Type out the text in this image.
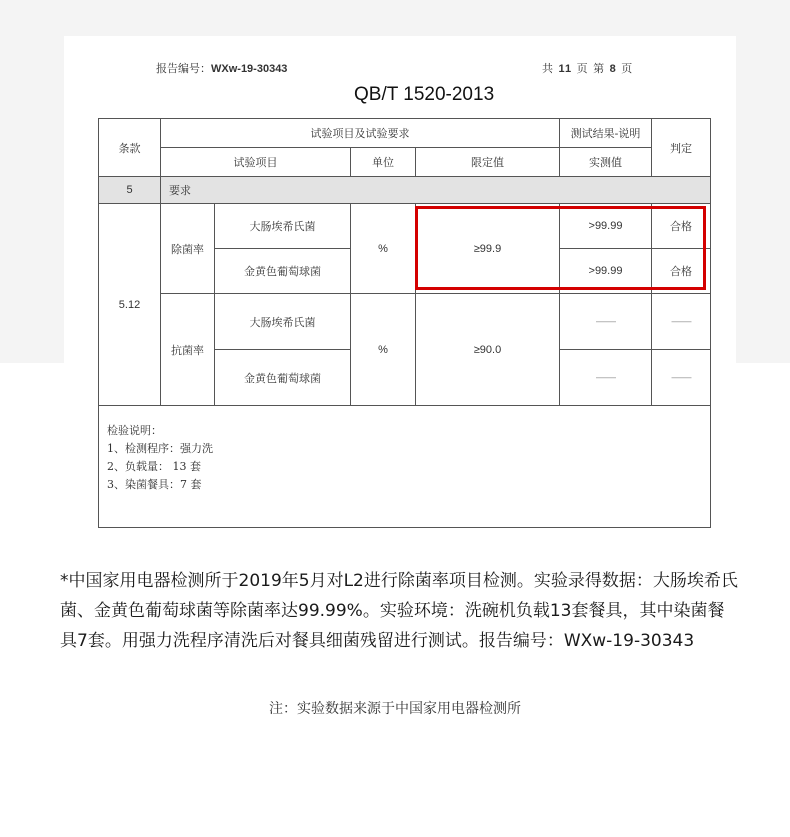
报告编号：WXw-19-30343	共 11 页 第 8 页
QB/T 1520-2013
条款	试验项目及试验要求				测试结果-说明	判定
	试验项目		单位	限定值	实测值	
5	要求					
5.12	除菌率	大肠埃希氏菌	%	≥99.9	>99.99	合格
		金黄色葡萄球菌			>99.99	合格
	抗菌率	大肠埃希氏菌	%	≥90.0	——	——
		金黄色葡萄球菌			——	——

检验说明：
1、检测程序：强力洗
2、负载量： 13 套
3、染菌餐具：7 套						
*中国家用电器检测所于2019年5月对L2进行除菌率项目检测。实验录得数据：大肠埃希氏菌、金黄色葡萄球菌等除菌率达99.99%。实验环境：洗碗机负载13套餐具，其中染菌餐具7套。用强力洗程序清洗后对餐具细菌残留进行测试。报告编号：WXw-19-30343
注：实验数据来源于中国家用电器检测所
